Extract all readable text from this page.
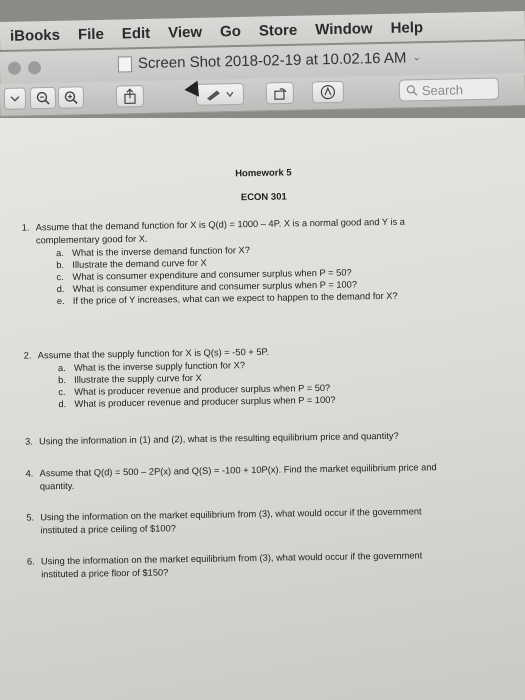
iBooks File Edit View Go Store Window Help
Screen Shot 2018-02-19 at 10.02.16 AM ⌄
Search
Homework 5
ECON 301
1. Assume that the demand function for X is Q(d) = 1000 – 4P. X is a normal good and Y is a
complementary good for X.
a. What is the inverse demand function for X?
b. Illustrate the demand curve for X
c. What is consumer expenditure and consumer surplus when P = 50?
d. What is consumer expenditure and consumer surplus when P = 100?
e. If the price of Y increases, what can we expect to happen to the demand for X?
2. Assume that the supply function for X is Q(s) = -50 + 5P.
a. What is the inverse supply function for X?
b. Illustrate the supply curve for X
c. What is producer revenue and producer surplus when P = 50?
d. What is producer revenue and producer surplus when P = 100?
3. Using the information in (1) and (2), what is the resulting equilibrium price and quantity?
4. Assume that Q(d) = 500 – 2P(x) and Q(S) = -100 + 10P(x). Find the market equilibrium price and
quantity.
5. Using the information on the market equilibrium from (3), what would occur if the government
instituted a price ceiling of $100?
6. Using the information on the market equilibrium from (3), what would occur if the government
instituted a price floor of $150?
